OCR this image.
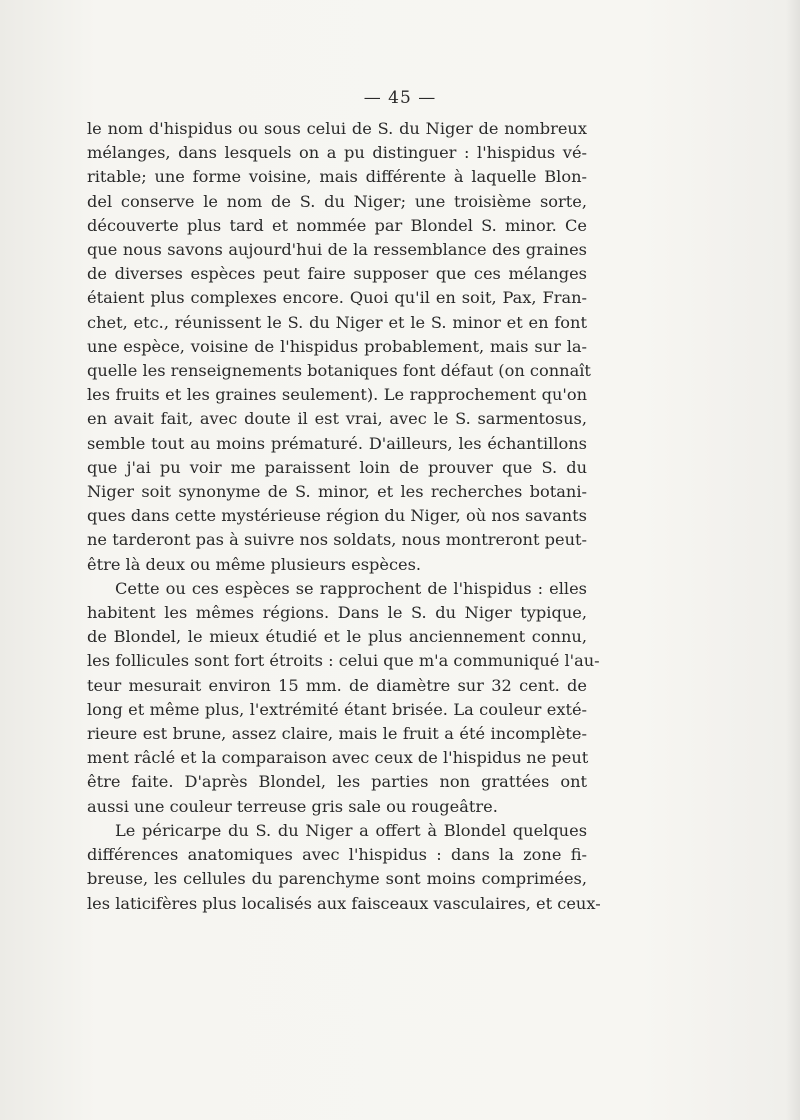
— 45 —
le nom d'hispidus ou sous celui de S. du Niger de nombreux
mélanges, dans lesquels on a pu distinguer : l'hispidus vé-
ritable; une forme voisine, mais différente à laquelle Blon-
del conserve le nom de S. du Niger; une troisième sorte,
découverte plus tard et nommée par Blondel S. minor. Ce
que nous savons aujourd'hui de la ressemblance des graines
de diverses espèces peut faire supposer que ces mélanges
étaient plus complexes encore. Quoi qu'il en soit, Pax, Fran-
chet, etc., réunissent le S. du Niger et le S. minor et en font
une espèce, voisine de l'hispidus probablement, mais sur la-
quelle les renseignements botaniques font défaut (on connaît
les fruits et les graines seulement). Le rapprochement qu'on
en avait fait, avec doute il est vrai, avec le S. sarmentosus,
semble tout au moins prématuré. D'ailleurs, les échantillons
que j'ai pu voir me paraissent loin de prouver que S. du
Niger soit synonyme de S. minor, et les recherches botani-
ques dans cette mystérieuse région du Niger, où nos savants
ne tarderont pas à suivre nos soldats, nous montreront peut-
être là deux ou même plusieurs espèces.
Cette ou ces espèces se rapprochent de l'hispidus : elles
habitent les mêmes régions. Dans le S. du Niger typique,
de Blondel, le mieux étudié et le plus anciennement connu,
les follicules sont fort étroits : celui que m'a communiqué l'au-
teur mesurait environ 15 mm. de diamètre sur 32 cent. de
long et même plus, l'extrémité étant brisée. La couleur exté-
rieure est brune, assez claire, mais le fruit a été incomplète-
ment râclé et la comparaison avec ceux de l'hispidus ne peut
être faite. D'après Blondel, les parties non grattées ont
aussi une couleur terreuse gris sale ou rougeâtre.
Le péricarpe du S. du Niger a offert à Blondel quelques
différences anatomiques avec l'hispidus : dans la zone fi-
breuse, les cellules du parenchyme sont moins comprimées,
les laticifères plus localisés aux faisceaux vasculaires, et ceux-
